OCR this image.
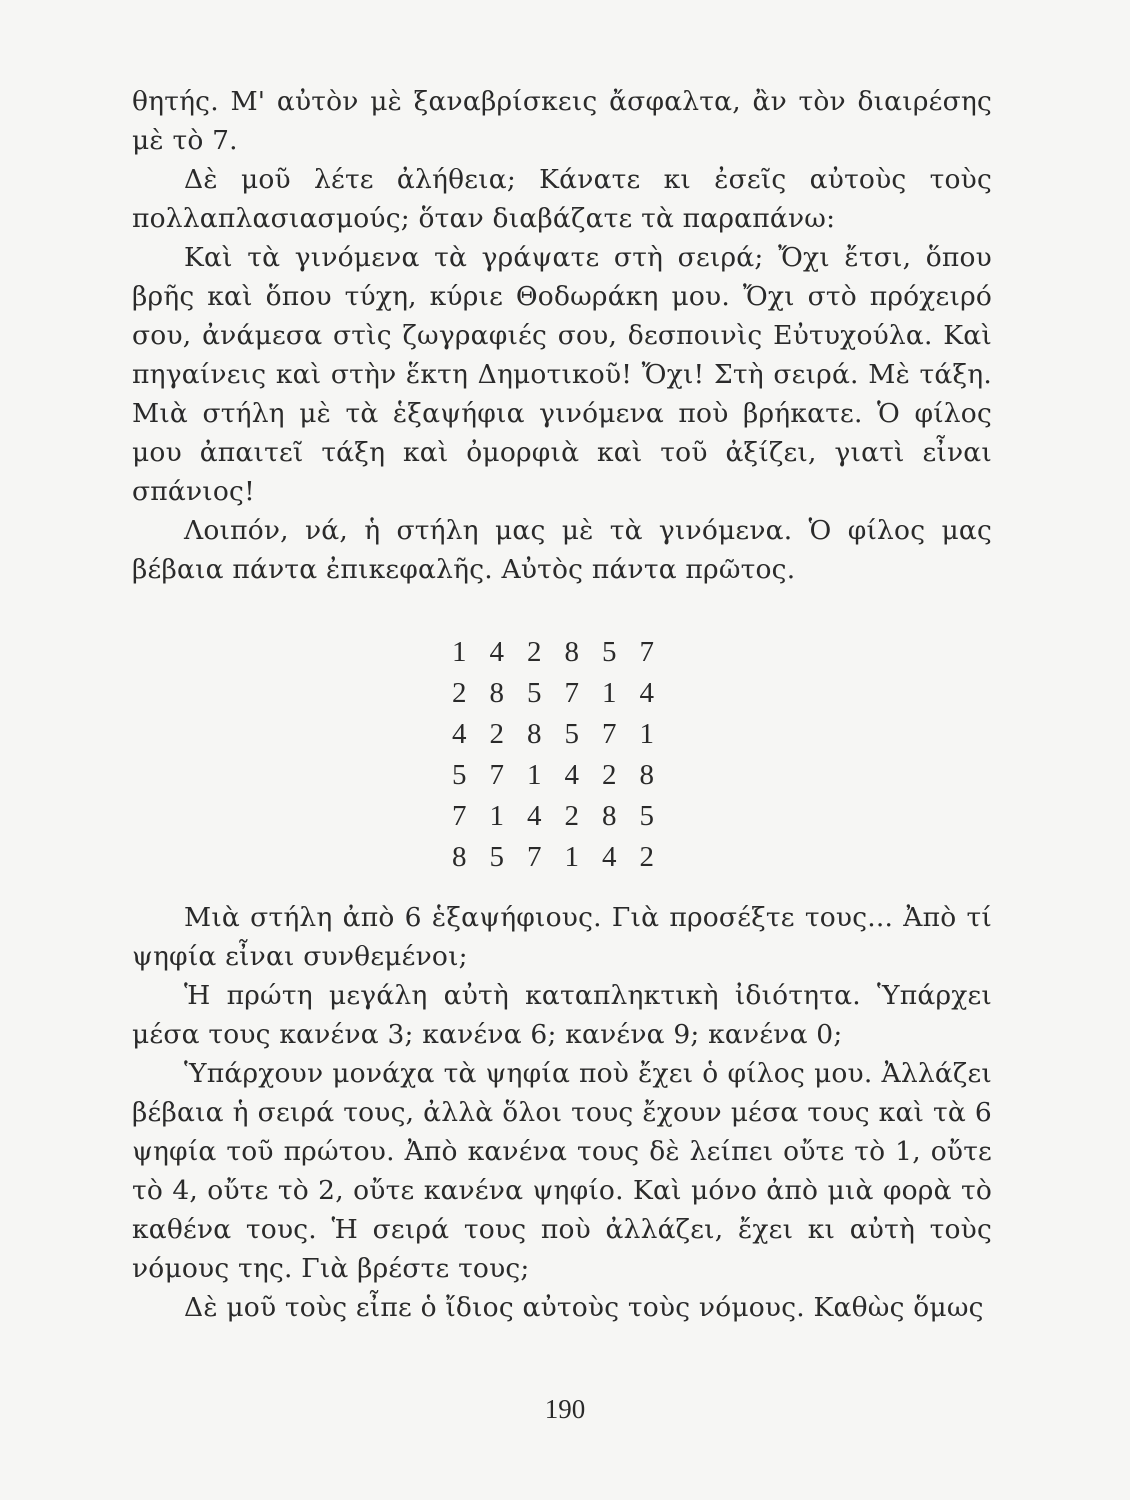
θητής. Μ' αὐτὸν μὲ ξαναβρίσκεις ἄσφαλτα, ἂν τὸν διαιρέσης μὲ τὸ 7.

Δὲ μοῦ λέτε ἀλήθεια; Κάνατε κι ἐσεῖς αὐτοὺς τοὺς πολλαπλασιασμούς; ὅταν διαβάζατε τὰ παραπάνω:

Καὶ τὰ γινόμενα τὰ γράψατε στὴ σειρά; Ὄχι ἔτσι, ὅπου βρῆς καὶ ὅπου τύχη, κύριε Θοδωράκη μου. Ὄχι στὸ πρόχειρό σου, ἀνάμεσα στὶς ζωγραφιές σου, δεσποινὶς Εὐτυχούλα. Καὶ πηγαίνεις καὶ στὴν ἕκτη Δημοτικοῦ! Ὄχι! Στὴ σειρά. Μὲ τάξη. Μιὰ στήλη μὲ τὰ ἑξαψήφια γινόμενα ποὺ βρήκατε. Ὁ φίλος μου ἀπαιτεῖ τάξη καὶ ὀμορφιὰ καὶ τοῦ ἀξίζει, γιατὶ εἶναι σπάνιος!

Λοιπόν, νά, ἡ στήλη μας μὲ τὰ γινόμενα. Ὁ φίλος μας βέβαια πάντα ἐπικεφαλῆς. Αὐτὸς πάντα πρῶτος.

1	4	2	8	5	7
2	8	5	7	1	4
4	2	8	5	7	1
5	7	1	4	2	8
7	1	4	2	8	5
8	5	7	1	4	2

Μιὰ στήλη ἀπὸ 6 ἑξαψήφιους. Γιὰ προσέξτε τους... Ἀπὸ τί ψηφία εἶναι συνθεμένοι;

Ἡ πρώτη μεγάλη αὐτὴ καταπληκτικὴ ἰδιότητα. Ὑπάρχει μέσα τους κανένα 3; κανένα 6; κανένα 9; κανένα 0;

Ὑπάρχουν μονάχα τὰ ψηφία ποὺ ἔχει ὁ φίλος μου. Ἀλλάζει βέβαια ἡ σειρά τους, ἀλλὰ ὅλοι τους ἔχουν μέσα τους καὶ τὰ 6 ψηφία τοῦ πρώτου. Ἀπὸ κανένα τους δὲ λείπει οὔτε τὸ 1, οὔτε τὸ 4, οὔτε τὸ 2, οὔτε κανένα ψηφίο. Καὶ μόνο ἀπὸ μιὰ φορὰ τὸ καθένα τους. Ἡ σειρά τους ποὺ ἀλλάζει, ἔχει κι αὐτὴ τοὺς νόμους της. Γιὰ βρέστε τους;

Δὲ μοῦ τοὺς εἶπε ὁ ἴδιος αὐτοὺς τοὺς νόμους. Καθὼς ὅμως

190
